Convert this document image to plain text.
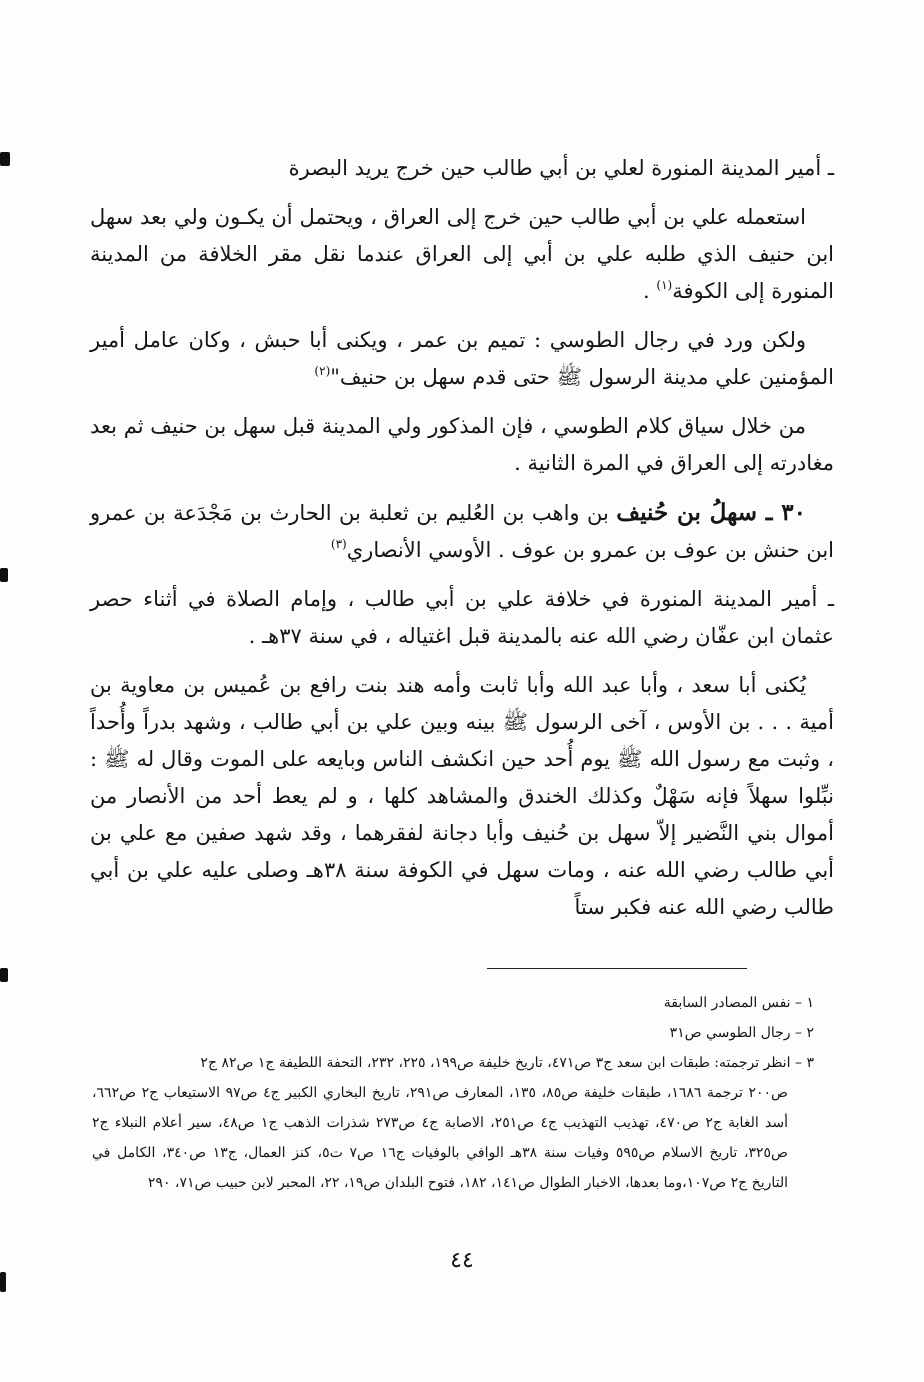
ـ أمير المدينة المنورة لعلي بن أبي طالب حين خرج يريد البصرة

استعمله علي بن أبي طالب حين خرج إلى العراق ، ويحتمل أن يكـون ولي بعد سهل ابن حنيف الذي طلبه علي بن أبي إلى العراق عندما نقل مقر الخلافة من المدينة المنورة إلى الكوفة$^{(١)}$ .

ولكن ورد في رجال الطوسي : تميم بن عمر ، ويكنى أبا حبش ، وكان عامل أمير المؤمنين علي مدينة الرسول ﷺ حتى قدم سهل بن حنيف"$^{(٢)}$

من خلال سياق كلام الطوسي ، فإن المذكور ولي المدينة قبل سهل بن حنيف ثم بعد مغادرته إلى العراق في المرة الثانية .

٣٠ ـ سهلُ بن حُنيف بن واهب بن العُليم بن ثعلبة بن الحارث بن مَجْدَعة بن عمرو ابن حنش بن عوف بن عمرو بن عوف . الأوسي الأنصاري$^{(٣)}$

ـ أمير المدينة المنورة في خلافة علي بن أبي طالب ، وإمام الصلاة في أثناء حصر عثمان ابن عفّان رضي الله عنه بالمدينة قبل اغتياله ، في سنة ٣٧هـ .

يُكنى أبا سعد ، وأبا عبد الله وأبا ثابت وأمه هند بنت رافع بن عُميس بن معاوية بن أمية . . . بن الأوس ، آخى الرسول ﷺ بينه وبين علي بن أبي طالب ، وشهد بدراً وأُحداً ، وثبت مع رسول الله ﷺ يوم أُحد حين انكشف الناس وبايعه على الموت وقال له ﷺ : نبِّلوا سهلاً فإنه سَهْلٌ وكذلك الخندق والمشاهد كلها ، و لم يعط أحد من الأنصار من أموال بني النَّضير إلاّ سهل بن حُنيف وأبا دجانة لفقرهما ، وقد شهد صفين مع علي بن أبي طالب رضي الله عنه ، ومات سهل في الكوفة سنة ٣٨هـ وصلى عليه علي بن أبي طالب رضي الله عنه فكبر ستاً

١ – نفس المصادر السابقة

٢ – رجال الطوسي ص٣١

٣ – انظر ترجمته: طبقات ابن سعد ج٣ ص٤٧١، تاريخ خليفة ص١٩٩، ٢٢٥، ٢٣٢، التحفة اللطيفة ج١ ص٨٢ ج٢

ص٢٠٠ ترجمة ١٦٨٦، طبقات خليفة ص٨٥، ١٣٥، المعارف ص٢٩١، تاريخ البخاري الكبير ج٤ ص٩٧ الاستيعاب ج٢ ص٦٦٢، أسد الغابة ج٢ ص٤٧٠، تهذيب التهذيب ج٤ ص٢٥١، الاصابة ج٤ ص٢٧٣ شذرات الذهب ج١ ص٤٨، سير أعلام النبلاء ج٢ ص٣٢٥، تاريخ الاسلام ص٥٩٥ وفيات سنة ٣٨هـ الوافي بالوفيات ج١٦ ص٧ ت٥، كنز العمال، ج١٣ ص٣٤٠، الكامل في التاريخ ج٢ ص١٠٧،وما بعدها، الاخبار الطوال ص١٤١، ١٨٢، فتوح البلدان ص١٩، ٢٢، المحبر لابن حبيب ص٧١، ٢٩٠

٤٤
